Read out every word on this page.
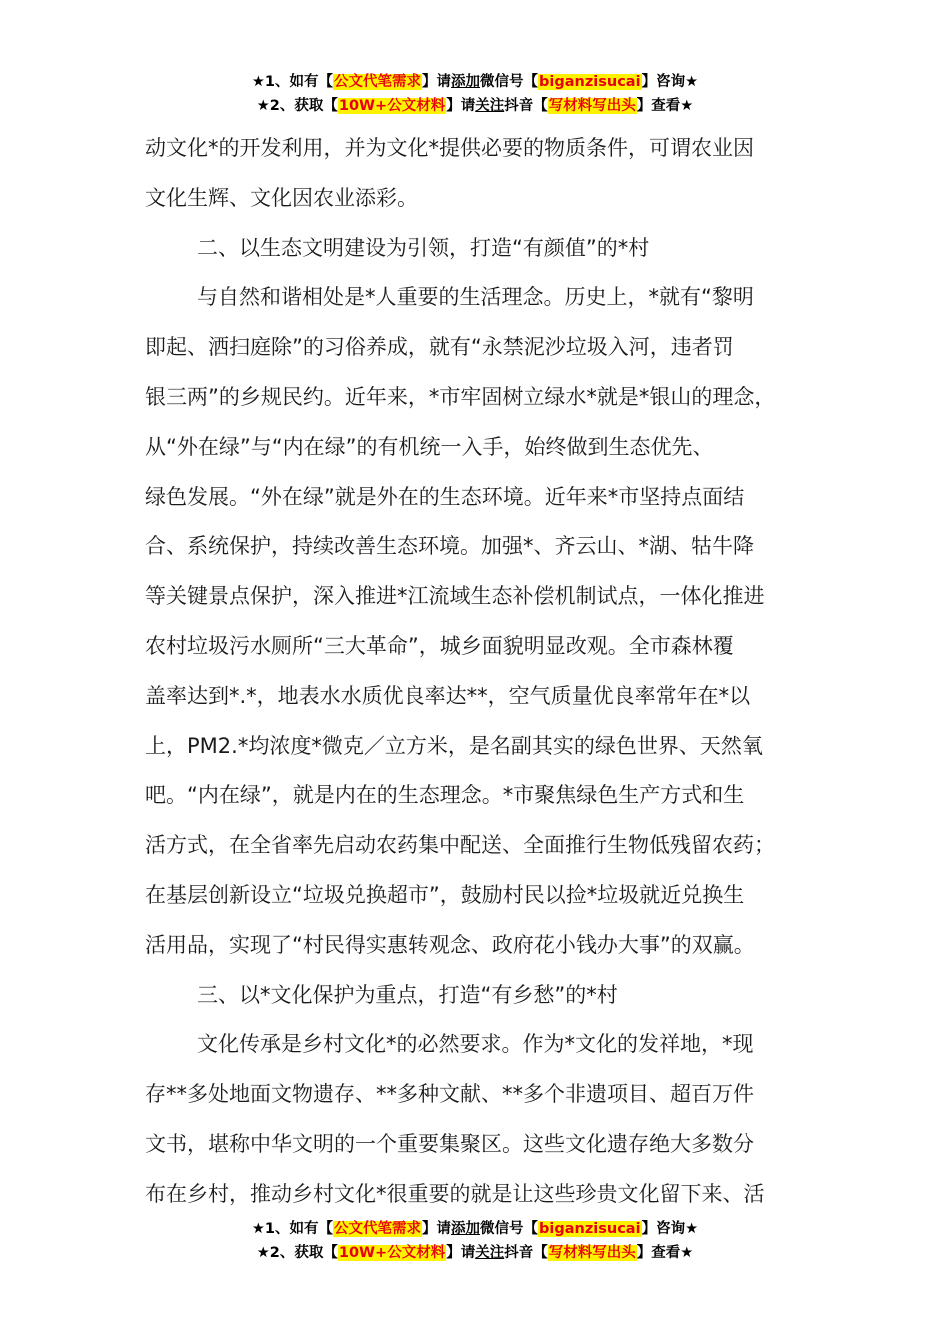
★1、如有【公文代笔需求】请添加微信号【biganzisucai】咨询★
★2、获取【10W+公文材料】请关注抖音【写材料写出头】查看★
动文化*的开发利用，并为文化*提供必要的物质条件，可谓农业因
文化生辉、文化因农业添彩。
二、以生态文明建设为引领，打造“有颜值”的*村
与自然和谐相处是*人重要的生活理念。历史上，*就有“黎明
即起、洒扫庭除”的习俗养成，就有“永禁泥沙垃圾入河，违者罚
银三两”的乡规民约。近年来，*市牢固树立绿水*就是*银山的理念，
从“外在绿”与“内在绿”的有机统一入手，始终做到生态优先、
绿色发展。“外在绿”就是外在的生态环境。近年来*市坚持点面结
合、系统保护，持续改善生态环境。加强*、齐云山、*湖、牯牛降
等关键景点保护，深入推进*江流域生态补偿机制试点，一体化推进
农村垃圾污水厕所“三大革命”，城乡面貌明显改观。全市森林覆
盖率达到*.*，地表水水质优良率达**，空气质量优良率常年在*以
上，PM2.*均浓度*微克／立方米，是名副其实的绿色世界、天然氧
吧。“内在绿”，就是内在的生态理念。*市聚焦绿色生产方式和生
活方式，在全省率先启动农药集中配送、全面推行生物低残留农药；
在基层创新设立“垃圾兑换超市”，鼓励村民以捡*垃圾就近兑换生
活用品，实现了“村民得实惠转观念、政府花小钱办大事”的双赢。
三、以*文化保护为重点，打造“有乡愁”的*村
文化传承是乡村文化*的必然要求。作为*文化的发祥地，*现
存**多处地面文物遗存、**多种文献、**多个非遗项目、超百万件
文书，堪称中华文明的一个重要集聚区。这些文化遗存绝大多数分
布在乡村，推动乡村文化*很重要的就是让这些珍贵文化留下来、活
★1、如有【公文代笔需求】请添加微信号【biganzisucai】咨询★
★2、获取【10W+公文材料】请关注抖音【写材料写出头】查看★
